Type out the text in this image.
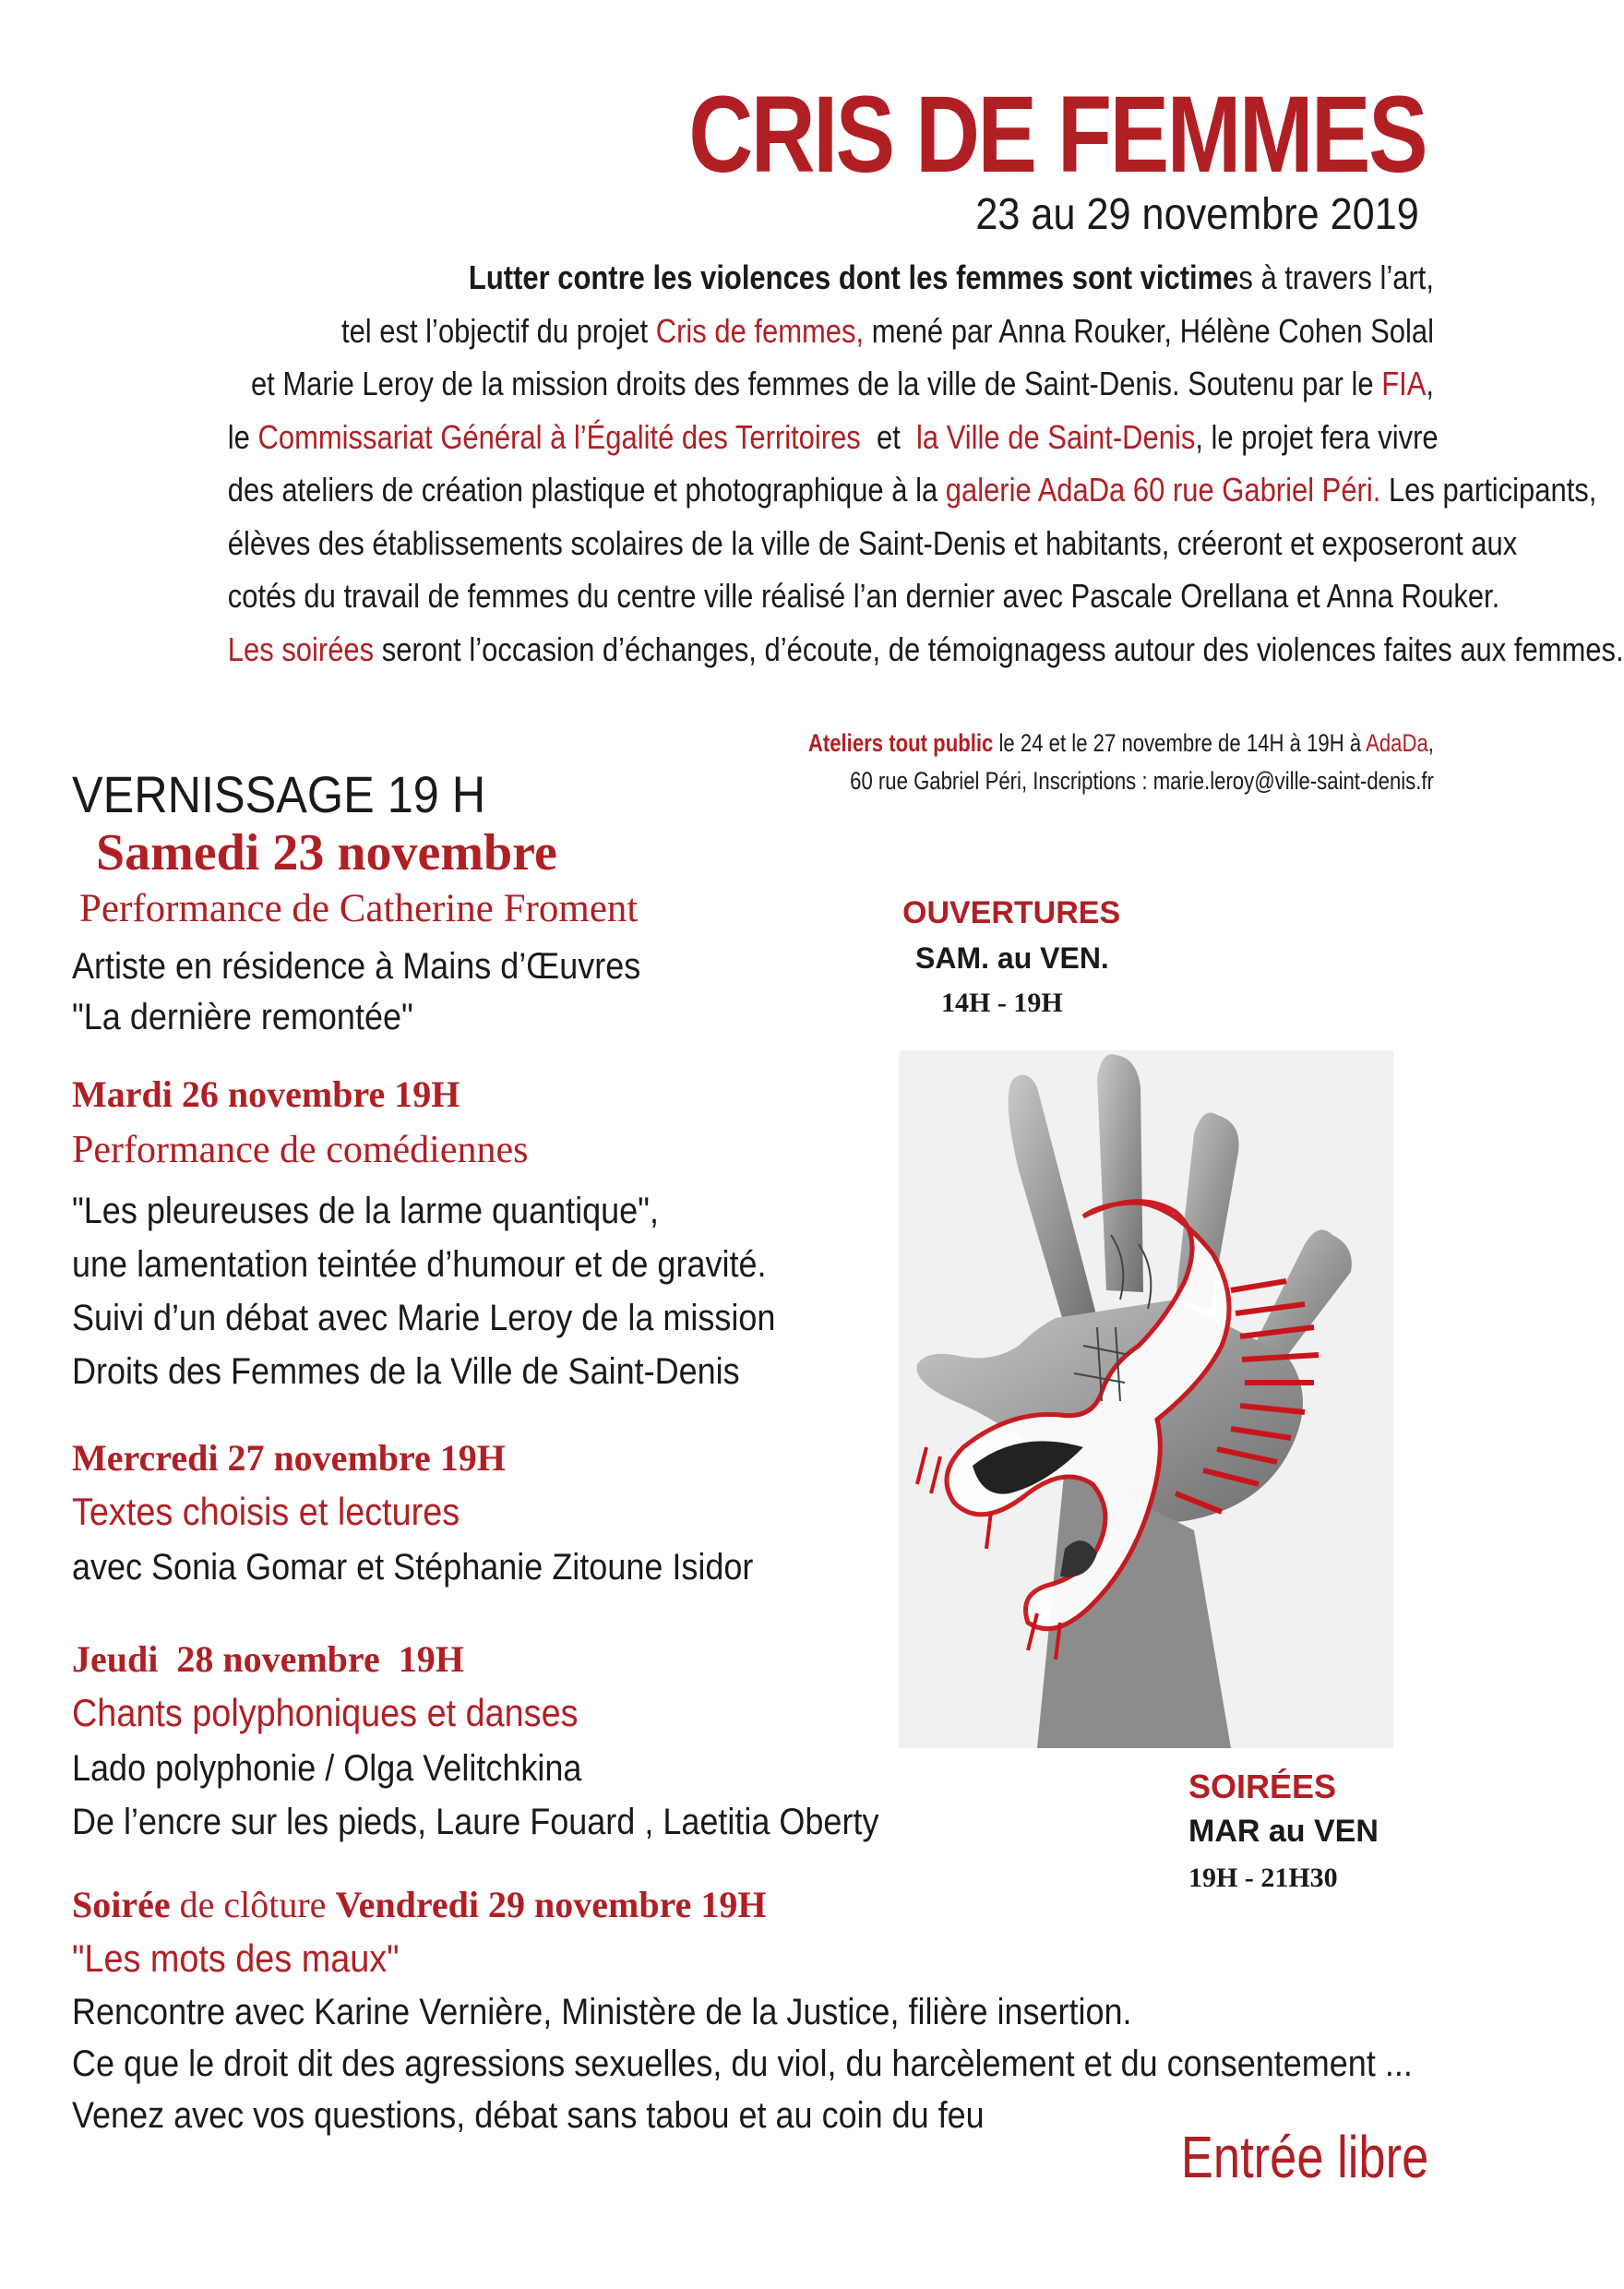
CRIS DE FEMMES
23 au 29 novembre 2019
Lutter contre les violences dont les femmes sont victimes à travers l’art,
tel est l’objectif du projet Cris de femmes, mené par Anna Rouker, Hélène Cohen Solal
et Marie Leroy de la mission droits des femmes de la ville de Saint-Denis. Soutenu par le FIA,
le Commissariat Général à l’Égalité des Territoires  et  la Ville de Saint-Denis, le projet fera vivre
des ateliers de création plastique et photographique à la galerie AdaDa 60 rue Gabriel Péri. Les participants,
élèves des établissements scolaires de la ville de Saint-Denis et habitants, créeront et exposeront aux
cotés du travail de femmes du centre ville réalisé l’an dernier avec Pascale Orellana et Anna Rouker.
Les soirées seront l’occasion d’échanges, d’écoute, de témoignagess autour des violences faites aux femmes.
Ateliers tout public le 24 et le 27 novembre de 14H à 19H à AdaDa,
60 rue Gabriel Péri, Inscriptions : marie.leroy@ville-saint-denis.fr
VERNISSAGE 19 H
Samedi 23 novembre
Performance de Catherine Froment
Artiste en résidence à Mains d’Œuvres
"La dernière remontée"
Mardi 26 novembre 19H
Performance de comédiennes
"Les pleureuses de la larme quantique",
une lamentation teintée d’humour et de gravité.
Suivi d’un débat avec Marie Leroy de la mission
Droits des Femmes de la Ville de Saint-Denis
Mercredi 27 novembre 19H
Textes choisis et lectures
avec Sonia Gomar et Stéphanie Zitoune Isidor
Jeudi  28 novembre  19H
Chants polyphoniques et danses
Lado polyphonie / Olga Velitchkina
De l’encre sur les pieds, Laure Fouard , Laetitia Oberty
Soirée de clôture Vendredi 29 novembre 19H
"Les mots des maux"
Rencontre avec Karine Vernière, Ministère de la Justice, filière insertion.
Ce que le droit dit des agressions sexuelles, du viol, du harcèlement et du consentement ...
Venez avec vos questions, débat sans tabou et au coin du feu
OUVERTURES
SAM. au VEN.
14H - 19H
SOIRÉES
MAR au VEN
19H - 21H30
Entrée libre
